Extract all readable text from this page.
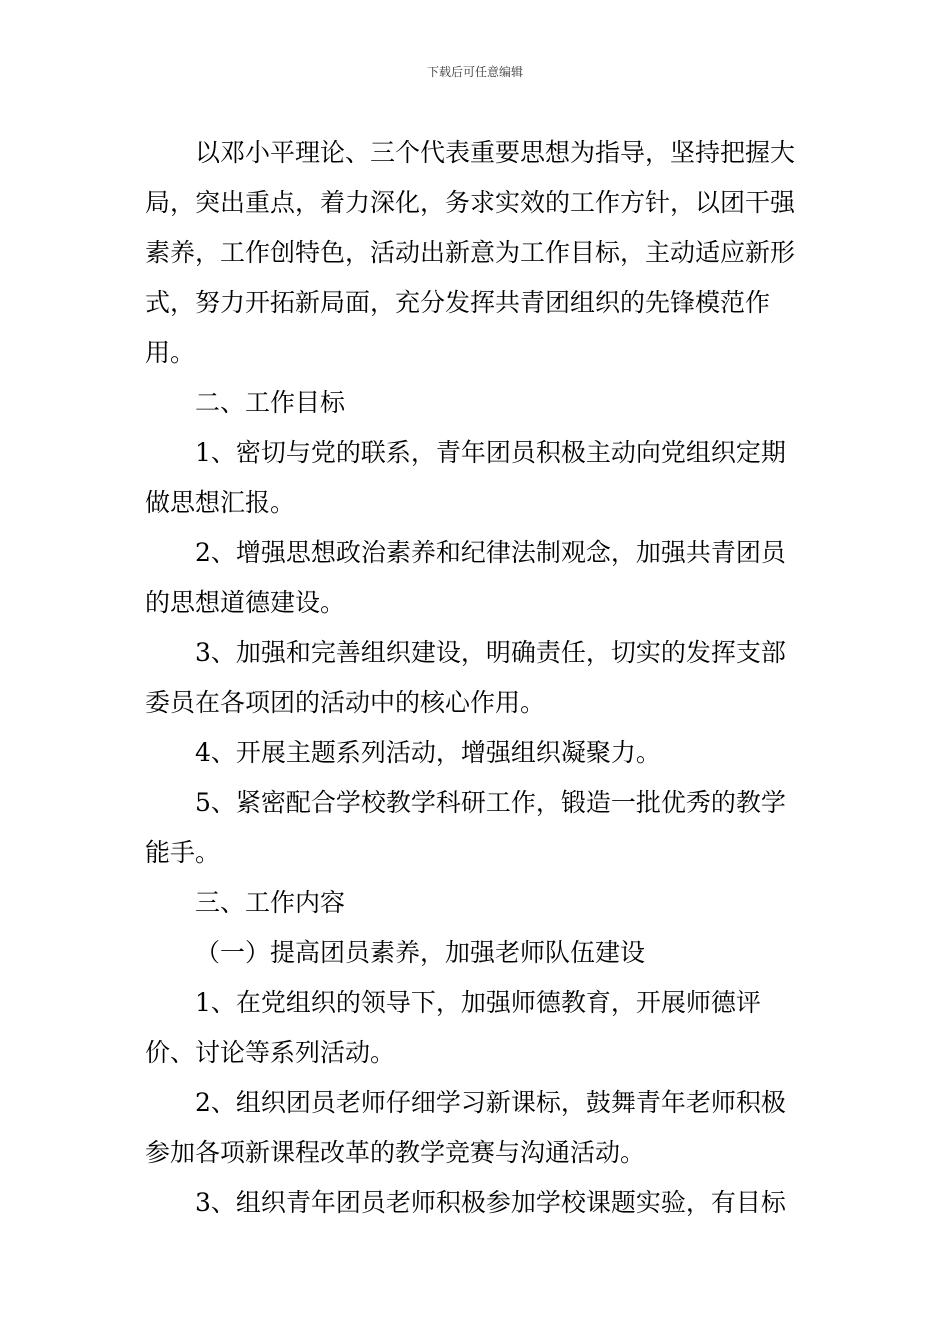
下载后可任意编辑

以邓小平理论、三个代表重要思想为指导，坚持把握大局，突出重点，着力深化，务求实效的工作方针，以团干强素养，工作创特色，活动出新意为工作目标，主动适应新形式，努力开拓新局面，充分发挥共青团组织的先锋模范作用。

二、工作目标

1、密切与党的联系，青年团员积极主动向党组织定期做思想汇报。

2、增强思想政治素养和纪律法制观念，加强共青团员的思想道德建设。

3、加强和完善组织建设，明确责任，切实的发挥支部委员在各项团的活动中的核心作用。

4、开展主题系列活动，增强组织凝聚力。

5、紧密配合学校教学科研工作，锻造一批优秀的教学能手。

三、工作内容

（一）提高团员素养，加强老师队伍建设

1、在党组织的领导下，加强师德教育，开展师德评价、讨论等系列活动。

2、组织团员老师仔细学习新课标，鼓舞青年老师积极参加各项新课程改革的教学竞赛与沟通活动。

3、组织青年团员老师积极参加学校课题实验，有目标
